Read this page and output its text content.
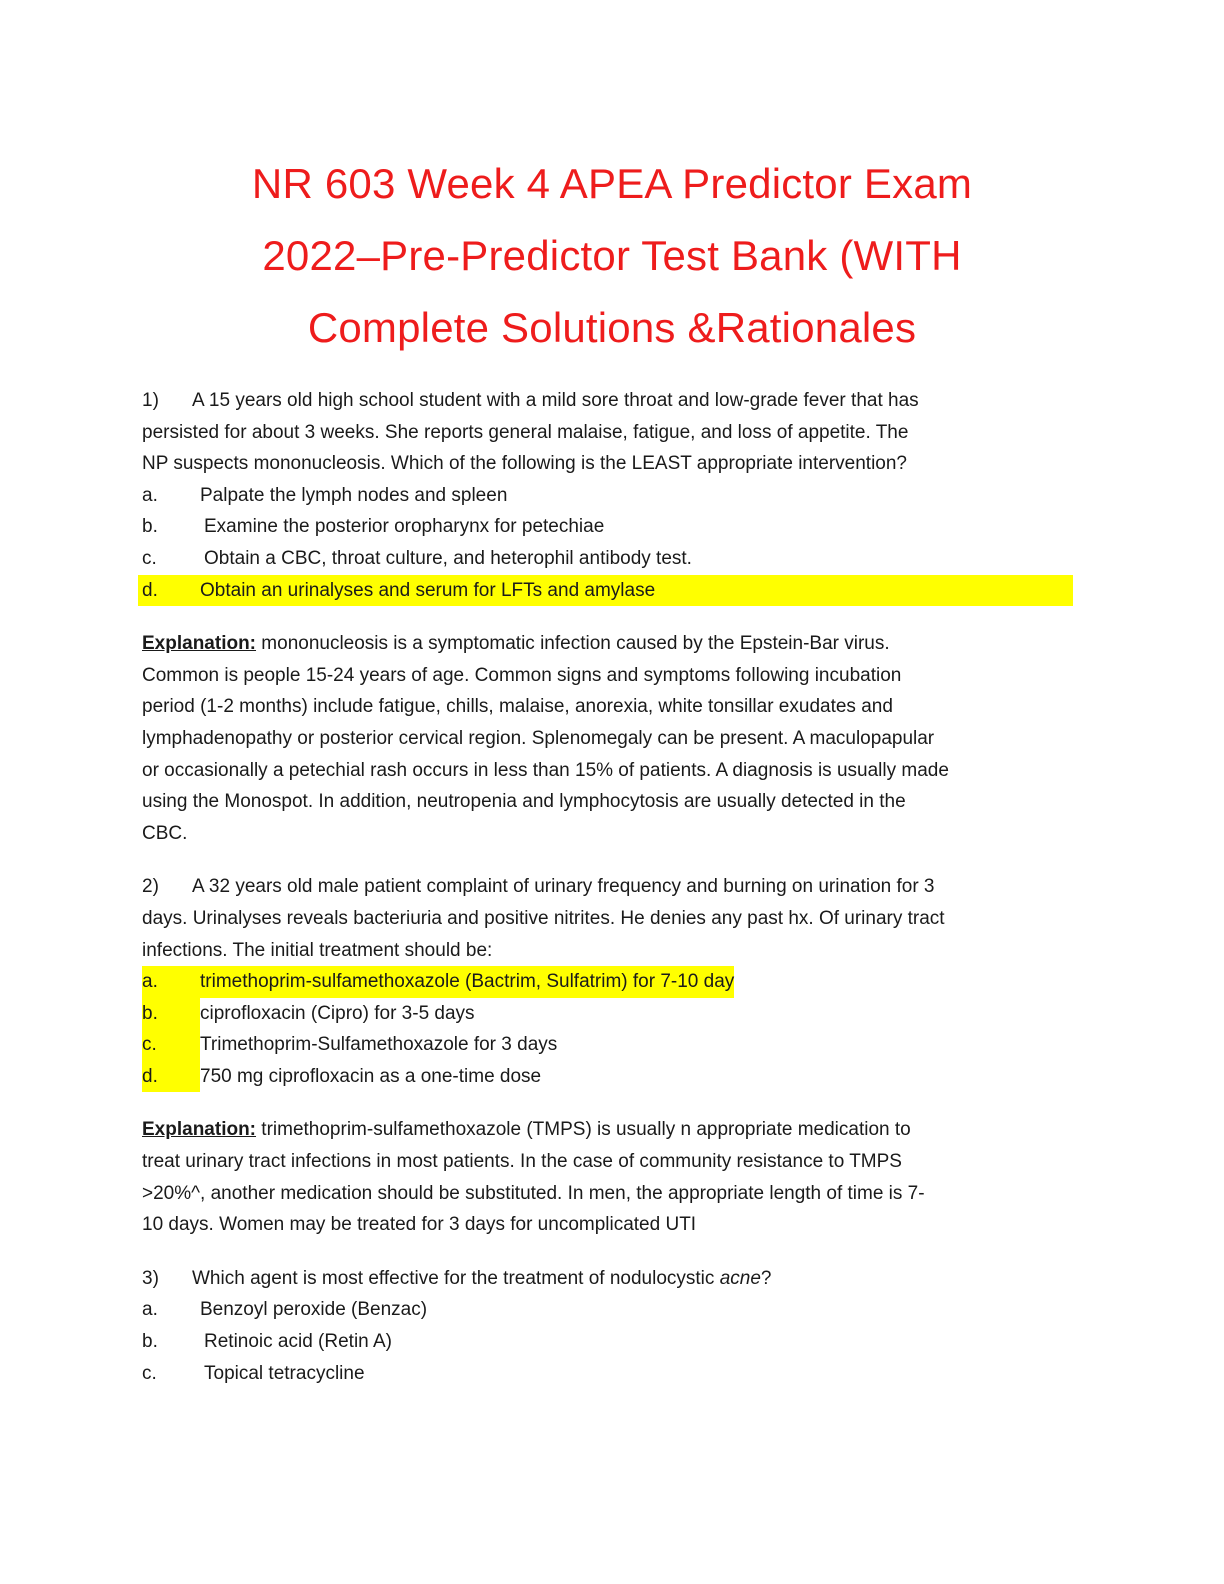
NR 603 Week 4 APEA Predictor Exam
2022–Pre-Predictor Test Bank (WITH
Complete Solutions &Rationales
1)	A 15 years old high school student with a mild sore throat and low-grade fever that has
persisted for about 3 weeks. She reports general malaise, fatigue, and loss of appetite. The
NP suspects mononucleosis. Which of the following is the LEAST appropriate intervention?
a.	Palpate the lymph nodes and spleen
b.	Examine the posterior oropharynx for petechiae
c.	Obtain a CBC, throat culture, and heterophil antibody test.
d.	Obtain an urinalyses and serum for LFTs and amylase
Explanation: mononucleosis is a symptomatic infection caused by the Epstein-Bar virus.
Common is people 15-24 years of age. Common signs and symptoms following incubation
period (1-2 months) include fatigue, chills, malaise, anorexia, white tonsillar exudates and
lymphadenopathy or posterior cervical region. Splenomegaly can be present. A maculopapular
or occasionally a petechial rash occurs in less than 15% of patients. A diagnosis is usually made
using the Monospot. In addition, neutropenia and lymphocytosis are usually detected in the
CBC.
2)	A 32 years old male patient complaint of urinary frequency and burning on urination for 3
days. Urinalyses reveals bacteriuria and positive nitrites. He denies any past hx. Of urinary tract
infections. The initial treatment should be:
a.	trimethoprim-sulfamethoxazole (Bactrim, Sulfatrim) for 7-10 day
b.	ciprofloxacin (Cipro) for 3-5 days
c.	Trimethoprim-Sulfamethoxazole for 3 days
d.	750 mg ciprofloxacin as a one-time dose
Explanation: trimethoprim-sulfamethoxazole (TMPS) is usually n appropriate medication to
treat urinary tract infections in most patients. In the case of community resistance to TMPS
>20%^, another medication should be substituted. In men, the appropriate length of time is 7-
10 days. Women may be treated for 3 days for uncomplicated UTI
3)	Which agent is most effective for the treatment of nodulocystic acne?
a.	Benzoyl peroxide (Benzac)
b.	Retinoic acid (Retin A)
c.	Topical tetracycline
